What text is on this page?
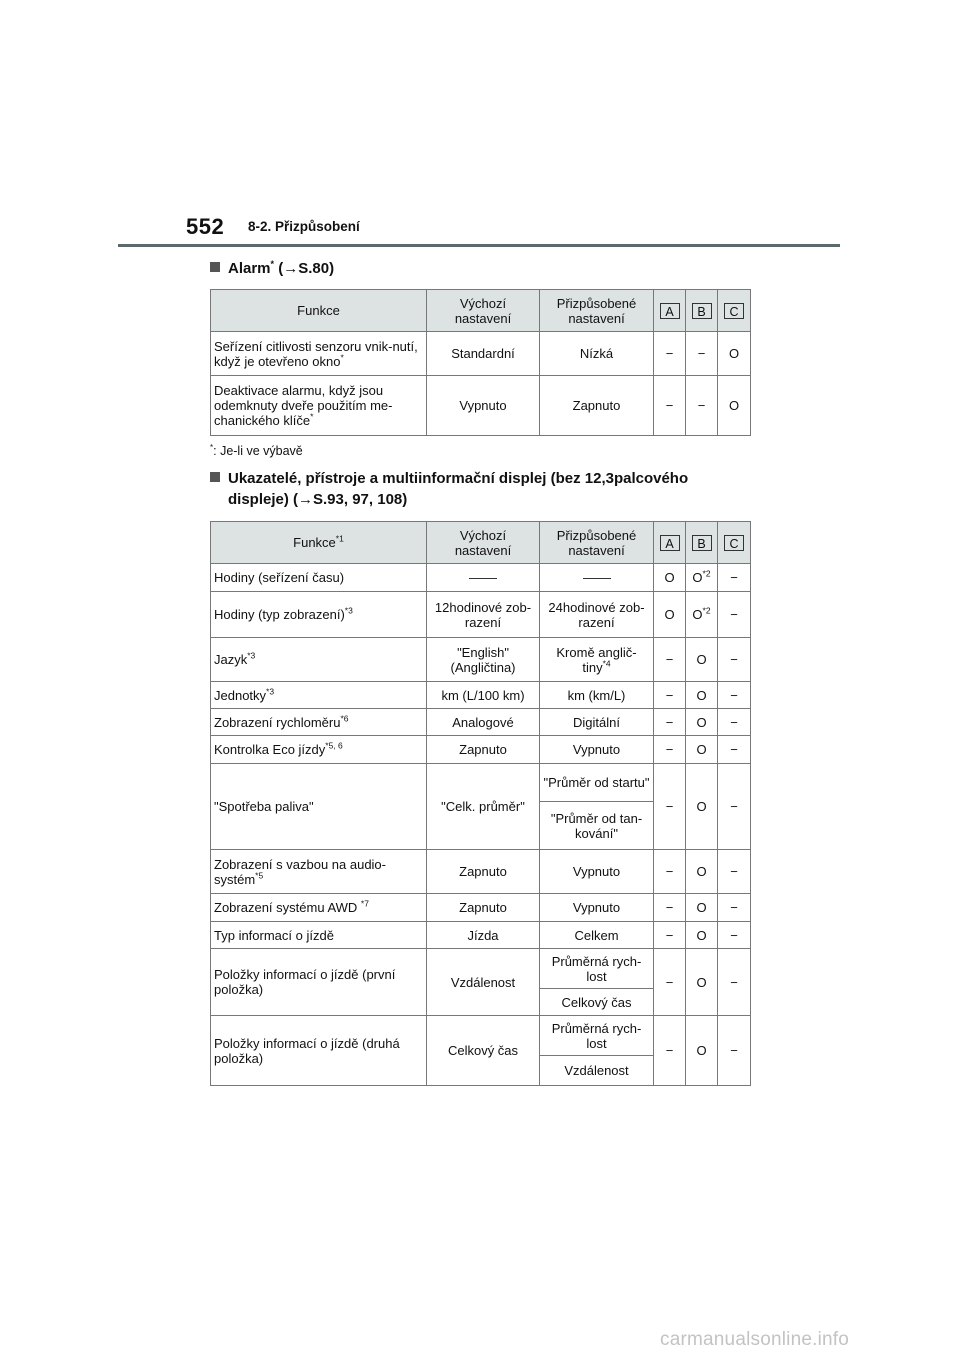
552 8-2. Přizpůsobení
Alarm* (→S.80)
Funkce	Výchozí nastavení	Přizpůsobené nastavení	A	B	C
Seřízení citlivosti senzoru vnik-nutí, když je otevřeno okno*	Standardní	Nízká	−	−	O
Deaktivace alarmu, když jsou odemknuty dveře použitím me-chanického klíče*	Vypnuto	Zapnuto	−	−	O
*: Je-li ve výbavě
Ukazatelé, přístroje a multiinformační displej (bez 12,3palcového
displeje) (→S.93, 97, 108)
Funkce$^{*1}$	Výchozí nastavení	Přizpůsobené nastavení	A	B	C
Hodiny (seřízení času)			O	$O^{*2}$	−
Hodiny (typ zobrazení)$^{*3}$	12hodinové zob-razení	24hodinové zob-razení	O	$O^{*2}$	−
Jazyk$^{*3}$	"English" (Angličtina)	Kromě anglič-tiny$^{*4}$	−	O	−
Jednotky$^{*3}$	km (L/100 km)	km (km/L)	−	O	−
Zobrazení rychloměru$^{*6}$	Analogové	Digitální	−	O	−
Kontrolka Eco jízdy$^{*5, 6}$	Zapnuto	Vypnuto	−	O	−
"Spotřeba paliva"	"Celk. průměr"	"Průměr od startu"	−	O	−
		"Průměr od tan-kování"			
Zobrazení s vazbou na audio-systém$^{*5}$	Zapnuto	Vypnuto	−	O	−
Zobrazení systému AWD $^{*7}$	Zapnuto	Vypnuto	−	O	−
Typ informací o jízdě	Jízda	Celkem	−	O	−
Položky informací o jízdě (první položka)	Vzdálenost	Průměrná rych-lost	−	O	−
		Celkový čas			
Položky informací o jízdě (druhá položka)	Celkový čas	Průměrná rych-lost	−	O	−
		Vzdálenost			
carmanualsonline.info
